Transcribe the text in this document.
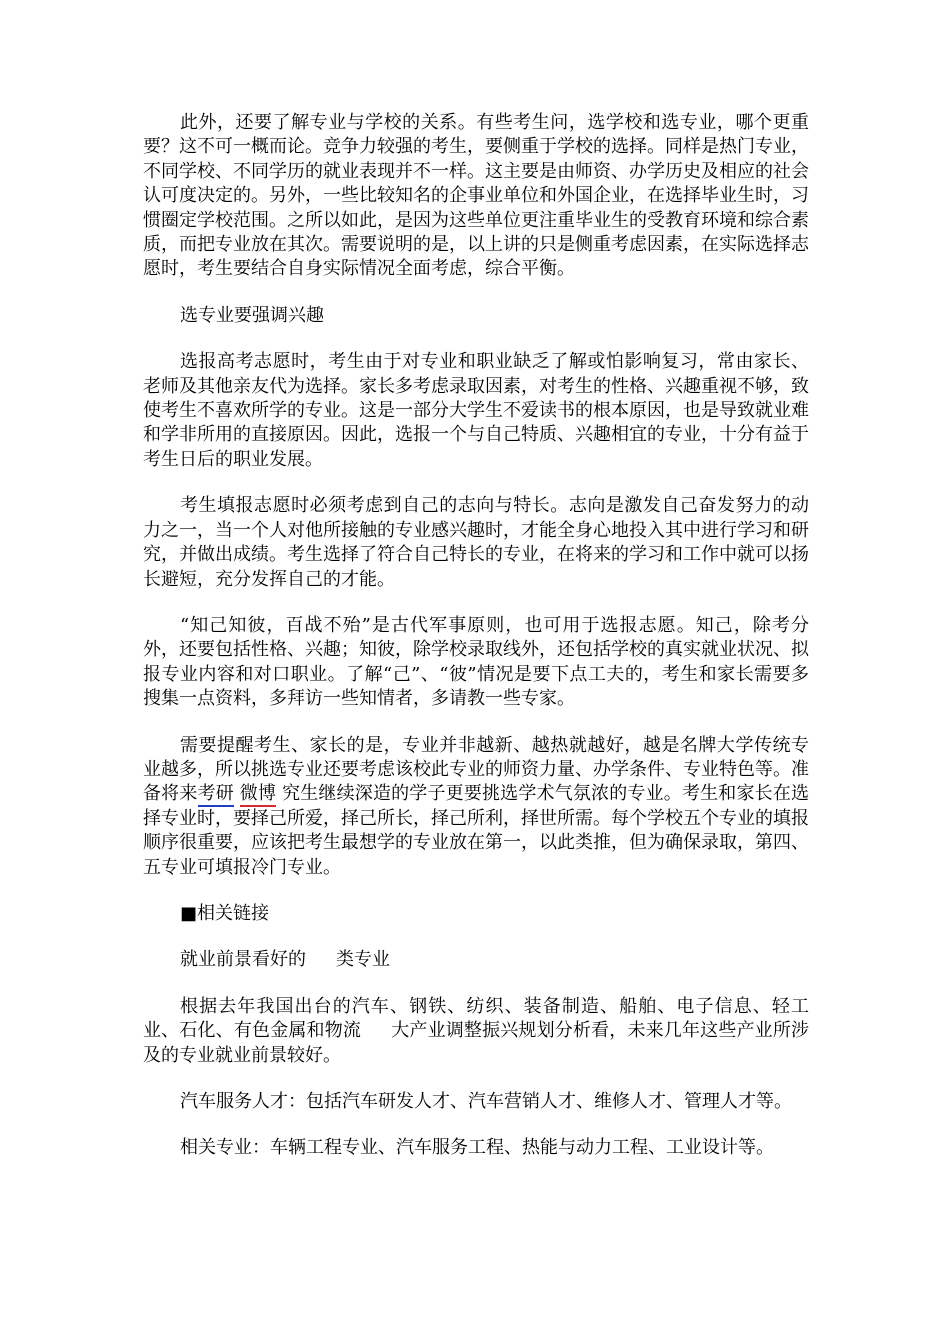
此外，还要了解专业与学校的关系。有些考生问，选学校和选专业，哪个更重要？这不可一概而论。竞争力较强的考生，要侧重于学校的选择。同样是热门专业，不同学校、不同学历的就业表现并不一样。这主要是由师资、办学历史及相应的社会认可度决定的。另外，一些比较知名的企事业单位和外国企业，在选择毕业生时，习惯圈定学校范围。之所以如此，是因为这些单位更注重毕业生的受教育环境和综合素质，而把专业放在其次。需要说明的是，以上讲的只是侧重考虑因素，在实际选择志愿时，考生要结合自身实际情况全面考虑，综合平衡。

选专业要强调兴趣

选报高考志愿时，考生由于对专业和职业缺乏了解或怕影响复习，常由家长、老师及其他亲友代为选择。家长多考虑录取因素，对考生的性格、兴趣重视不够，致使考生不喜欢所学的专业。这是一部分大学生不爱读书的根本原因，也是导致就业难和学非所用的直接原因。因此，选报一个与自己特质、兴趣相宜的专业，十分有益于考生日后的职业发展。

考生填报志愿时必须考虑到自己的志向与特长。志向是激发自己奋发努力的动力之一，当一个人对他所接触的专业感兴趣时，才能全身心地投入其中进行学习和研究，并做出成绩。考生选择了符合自己特长的专业，在将来的学习和工作中就可以扬长避短，充分发挥自己的才能。

“知己知彼，百战不殆”是古代军事原则，也可用于选报志愿。知己，除考分外，还要包括性格、兴趣；知彼，除学校录取线外，还包括学校的真实就业状况、拟报专业内容和对口职业。了解“己”、“彼”情况是要下点工夫的，考生和家长需要多搜集一点资料，多拜访一些知情者，多请教一些专家。

需要提醒考生、家长的是，专业并非越新、越热就越好，越是名牌大学传统专业越多，所以挑选专业还要考虑该校此专业的师资力量、办学条件、专业特色等。准备将来考研 微博 究生继续深造的学子更要挑选学术气氛浓的专业。考生和家长在选择专业时，要择己所爱，择己所长，择己所利，择世所需。每个学校五个专业的填报顺序很重要，应该把考生最想学的专业放在第一，以此类推，但为确保录取，第四、五专业可填报冷门专业。

■相关链接

就业前景看好的 类专业

根据去年我国出台的汽车、钢铁、纺织、装备制造、船舶、电子信息、轻工业、石化、有色金属和物流 大产业调整振兴规划分析看，未来几年这些产业所涉及的专业就业前景较好。

汽车服务人才：包括汽车研发人才、汽车营销人才、维修人才、管理人才等。

相关专业：车辆工程专业、汽车服务工程、热能与动力工程、工业设计等。
